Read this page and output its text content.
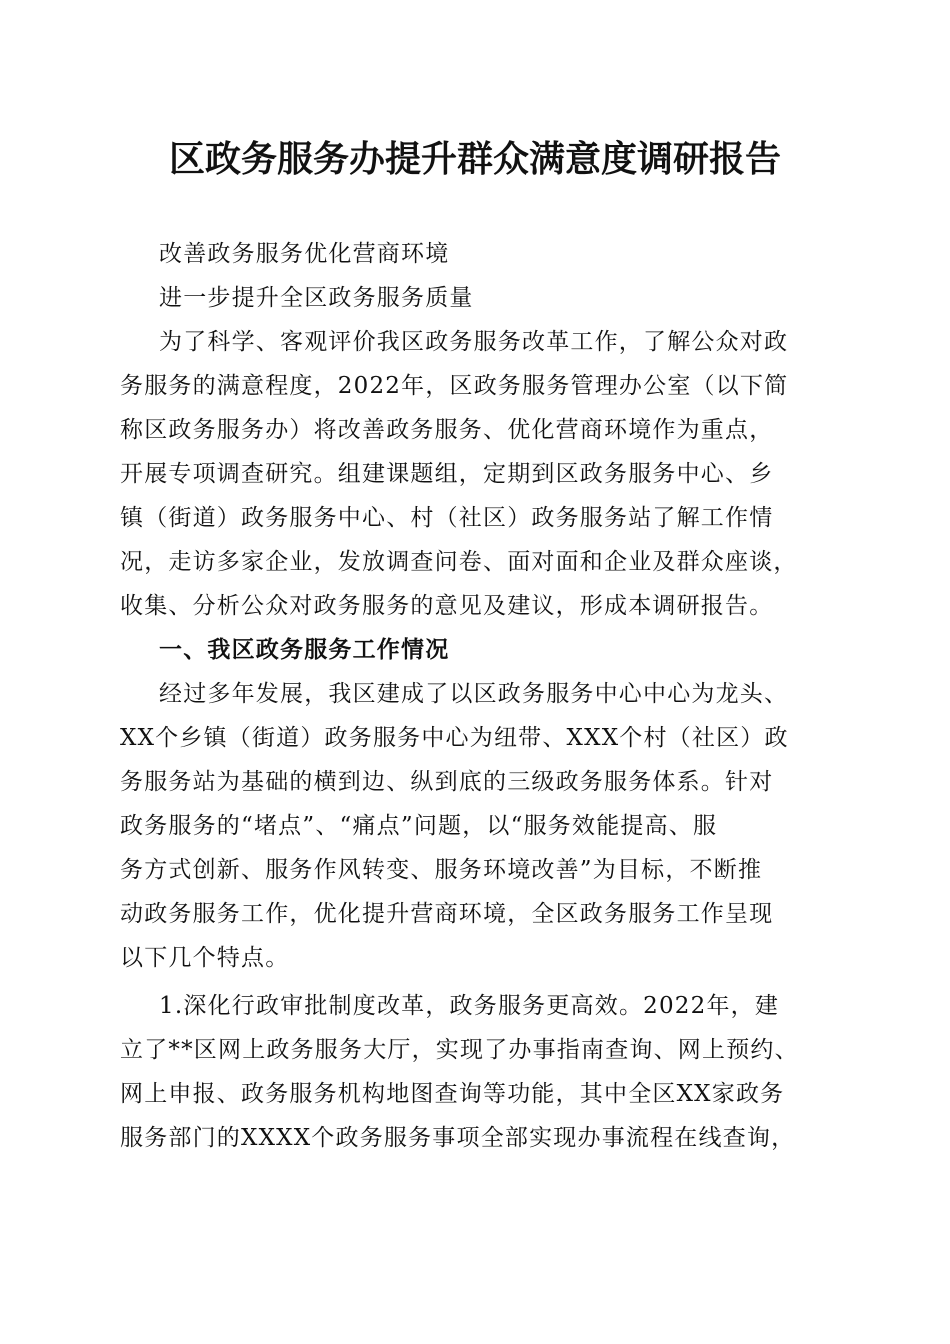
区政务服务办提升群众满意度调研报告
改善政务服务优化营商环境
进一步提升全区政务服务质量
为了科学、客观评价我区政务服务改革工作，了解公众对政
务服务的满意程度，2022年，区政务服务管理办公室（以下简
称区政务服务办）将改善政务服务、优化营商环境作为重点，
开展专项调查研究。组建课题组，定期到区政务服务中心、乡
镇（街道）政务服务中心、村（社区）政务服务站了解工作情
况，走访多家企业，发放调查问卷、面对面和企业及群众座谈，
收集、分析公众对政务服务的意见及建议，形成本调研报告。
一、我区政务服务工作情况
经过多年发展，我区建成了以区政务服务中心中心为龙头、
XX个乡镇（街道）政务服务中心为纽带、XXX个村（社区）政
务服务站为基础的横到边、纵到底的三级政务服务体系。针对
政务服务的“堵点”、“痛点”问题，以“服务效能提高、服
务方式创新、服务作风转变、服务环境改善”为目标，不断推
动政务服务工作，优化提升营商环境，全区政务服务工作呈现
以下几个特点。
1.深化行政审批制度改革，政务服务更高效。2022年，建
立了**区网上政务服务大厅，实现了办事指南查询、网上预约、
网上申报、政务服务机构地图查询等功能，其中全区XX家政务
服务部门的XXXX个政务服务事项全部实现办事流程在线查询，
